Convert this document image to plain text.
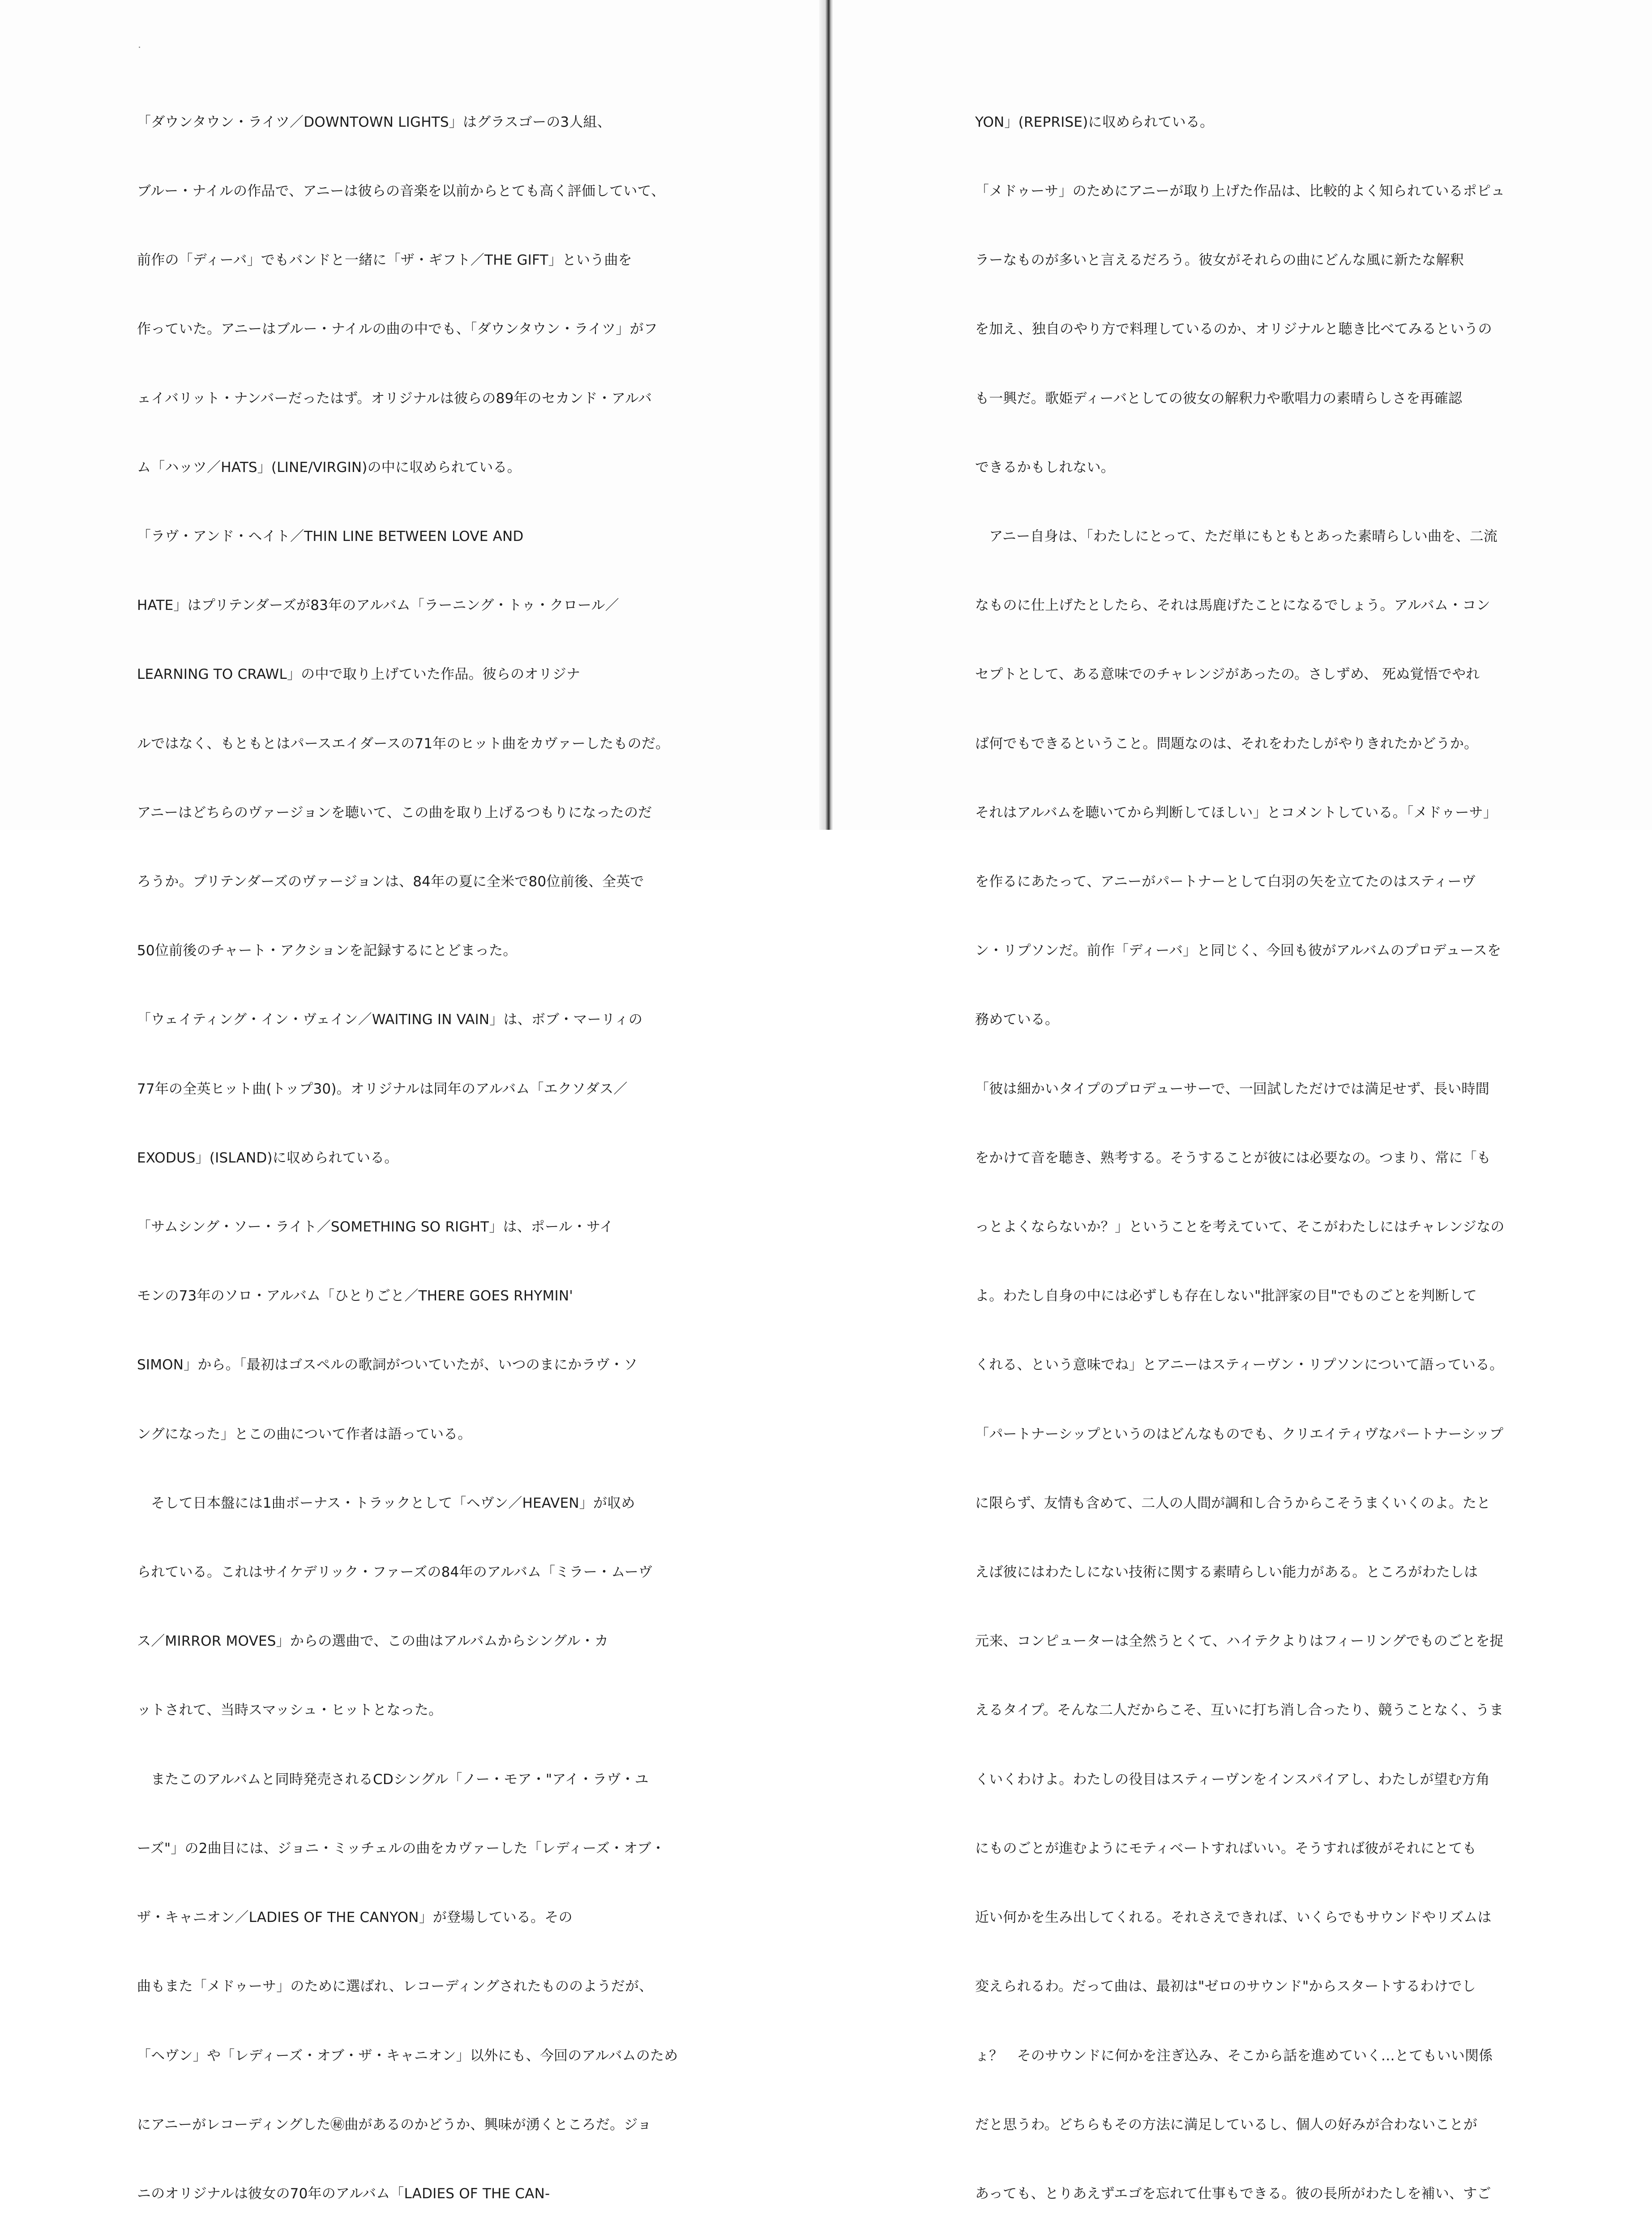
「ダウンタウン・ライツ／DOWNTOWN LIGHTS」はグラスゴーの3人組、

ブルー・ナイルの作品で、アニーは彼らの音楽を以前からとても高く評価していて、

前作の「ディーバ」でもバンドと一緒に「ザ・ギフト／THE GIFT」という曲を

作っていた。アニーはブルー・ナイルの曲の中でも、「ダウンタウン・ライツ」がフ

ェイバリット・ナンバーだったはず。オリジナルは彼らの89年のセカンド・アルバ

ム「ハッツ／HATS」(LINE/VIRGIN)の中に収められている。

「ラヴ・アンド・ヘイト／THIN LINE BETWEEN LOVE AND

HATE」はプリテンダーズが83年のアルバム「ラーニング・トゥ・クロール／

LEARNING TO CRAWL」の中で取り上げていた作品。彼らのオリジナ

ルではなく、もともとはパースエイダースの71年のヒット曲をカヴァーしたものだ。

アニーはどちらのヴァージョンを聴いて、この曲を取り上げるつもりになったのだ

ろうか。プリテンダーズのヴァージョンは、84年の夏に全米で80位前後、全英で

50位前後のチャート・アクションを記録するにとどまった。

「ウェイティング・イン・ヴェイン／WAITING IN VAIN」は、ボブ・マーリィの

77年の全英ヒット曲(トップ30)。オリジナルは同年のアルバム「エクソダス／

EXODUS」(ISLAND)に収められている。

「サムシング・ソー・ライト／SOMETHING SO RIGHT」は、ポール・サイ

モンの73年のソロ・アルバム「ひとりごと／THERE GOES RHYMIN'

SIMON」から。「最初はゴスペルの歌詞がついていたが、いつのまにかラヴ・ソ

ングになった」とこの曲について作者は語っている。

　そして日本盤には1曲ボーナス・トラックとして「ヘヴン／HEAVEN」が収め

られている。これはサイケデリック・ファーズの84年のアルバム「ミラー・ムーヴ

ス／MIRROR MOVES」からの選曲で、この曲はアルバムからシングル・カ

ットされて、当時スマッシュ・ヒットとなった。

　またこのアルバムと同時発売されるCDシングル「ノー・モア・"アイ・ラヴ・ユ

ーズ"」の2曲目には、ジョニ・ミッチェルの曲をカヴァーした「レディーズ・オブ・

ザ・キャニオン／LADIES OF THE CANYON」が登場している。その

曲もまた「メドゥーサ」のために選ばれ、レコーディングされたもののようだが、

「ヘヴン」や「レディーズ・オブ・ザ・キャニオン」以外にも、今回のアルバムのため

にアニーがレコーディングした㊙曲があるのかどうか、興味が湧くところだ。ジョ

ニのオリジナルは彼女の70年のアルバム「LADIES OF THE CAN-

YON」(REPRISE)に収められている。

「メドゥーサ」のためにアニーが取り上げた作品は、比較的よく知られているポピュ

ラーなものが多いと言えるだろう。彼女がそれらの曲にどんな風に新たな解釈

を加え、独自のやり方で料理しているのか、オリジナルと聴き比べてみるというの

も一興だ。歌姫ディーバとしての彼女の解釈力や歌唱力の素晴らしさを再確認

できるかもしれない。

　アニー自身は、「わたしにとって、ただ単にもともとあった素晴らしい曲を、二流

なものに仕上げたとしたら、それは馬鹿げたことになるでしょう。アルバム・コン

セプトとして、ある意味でのチャレンジがあったの。さしずめ、 死ぬ覚悟でやれ

ば何でもできるということ。問題なのは、それをわたしがやりきれたかどうか。

それはアルバムを聴いてから判断してほしい」とコメントしている。「メドゥーサ」

を作るにあたって、アニーがパートナーとして白羽の矢を立てたのはスティーヴ

ン・リプソンだ。前作「ディーバ」と同じく、今回も彼がアルバムのプロデュースを

務めている。

「彼は細かいタイプのプロデューサーで、一回試しただけでは満足せず、長い時間

をかけて音を聴き、熟考する。そうすることが彼には必要なの。つまり、常に「も

っとよくならないか？」ということを考えていて、そこがわたしにはチャレンジなの

よ。わたし自身の中には必ずしも存在しない"批評家の目"でものごとを判断して

くれる、という意味でね」とアニーはスティーヴン・リプソンについて語っている。

「パートナーシップというのはどんなものでも、クリエイティヴなパートナーシップ

に限らず、友情も含めて、二人の人間が調和し合うからこそうまくいくのよ。たと

えば彼にはわたしにない技術に関する素晴らしい能力がある。ところがわたしは

元来、コンピューターは全然うとくて、ハイテクよりはフィーリングでものごとを捉

えるタイプ。そんな二人だからこそ、互いに打ち消し合ったり、競うことなく、うま

くいくわけよ。わたしの役目はスティーヴンをインスパイアし、わたしが望む方角

にものごとが進むようにモティベートすればいい。そうすれば彼がそれにとても

近い何かを生み出してくれる。それさえできれば、いくらでもサウンドやリズムは

変えられるわ。だって曲は、最初は"ゼロのサウンド"からスタートするわけでし

ょ？　そのサウンドに何かを注ぎ込み、そこから話を進めていく…とてもいい関係

だと思うわ。どちらもその方法に満足しているし、個人の好みが合わないことが

あっても、とりあえずエゴを忘れて仕事もできる。彼の長所がわたしを補い、すご
